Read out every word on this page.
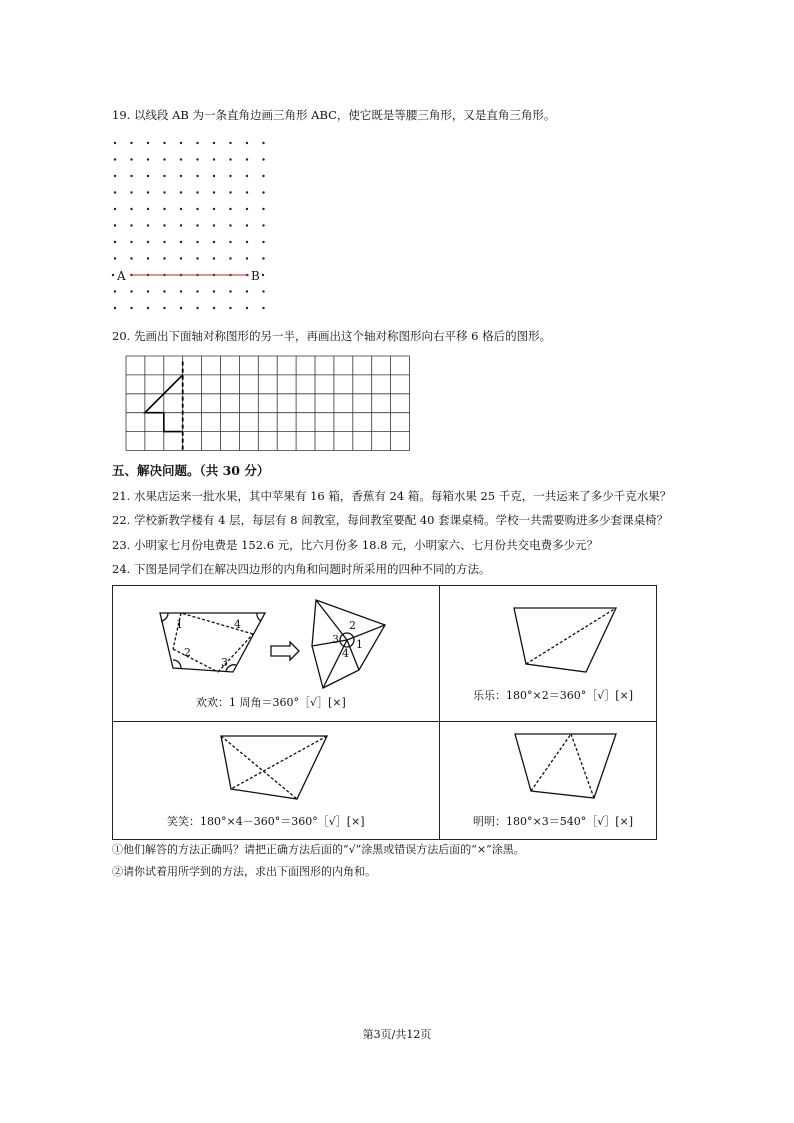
19. 以线段 AB 为一条直角边画三角形 ABC，使它既是等腰三角形，又是直角三角形。
A	B
20. 先画出下面轴对称图形的另一半，再画出这个轴对称图形向右平移 6 格后的图形。
五、解决问题。（共 30 分）
21. 水果店运来一批水果，其中苹果有 16 箱，香蕉有 24 箱。每箱水果 25 千克，一共运来了多少千克水果？
22. 学校新教学楼有 4 层，每层有 8 间教室，每间教室要配 40 套课桌椅。学校一共需要购进多少套课桌椅？
23. 小明家七月份电费是 152.6 元，比六月份多 18.8 元，小明家六、七月份共交电费多少元？
24. 下图是同学们在解决四边形的内角和问题时所采用的四种不同的方法。
1
2
3
4	2
3 1
4
欢欢：1 周角＝360°［√］[×]
乐乐：180°×2＝360°［√］[×]
笑笑：180°×4－360°＝360°［√］[×]	明明：180°×3＝540°［√］[×]
①他们解答的方法正确吗？请把正确方法后面的“√”涂黑或错误方法后面的“×”涂黑。
②请你试着用所学到的方法，求出下面图形的内角和。
第3页/共12页
